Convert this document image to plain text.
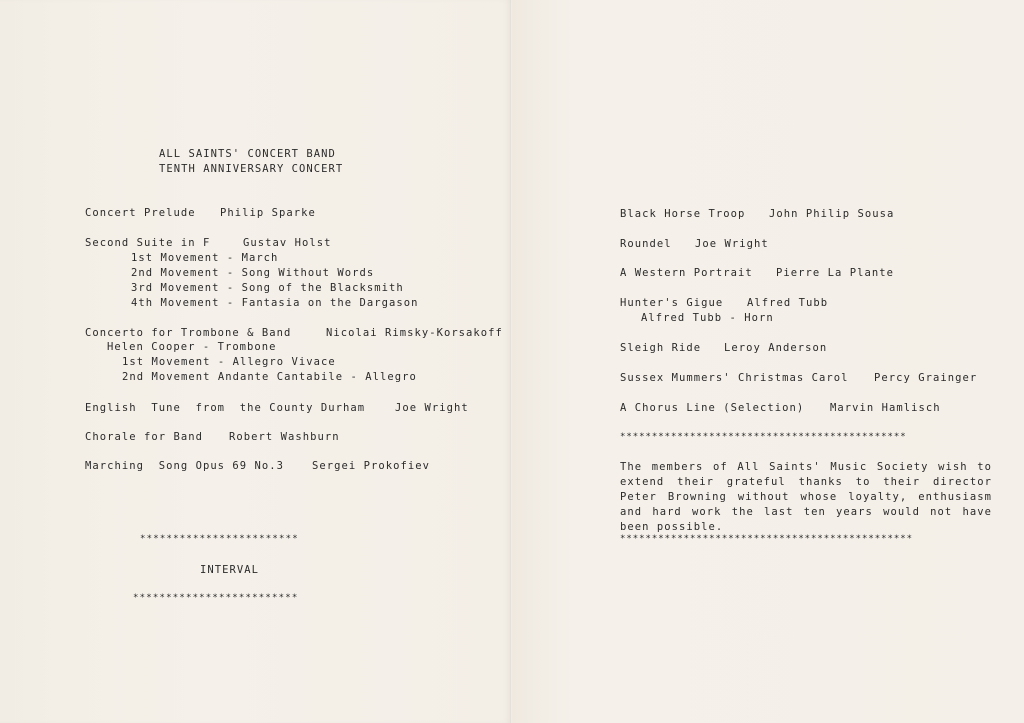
ALL SAINTS' CONCERT BAND
TENTH ANNIVERSARY CONCERT
Concert Prelude Philip Sparke
Second Suite in F	Gustav Holst
1st Movement - March
2nd Movement - Song Without Words
3rd Movement - Song of the Blacksmith
4th Movement - Fantasia on the Dargason
Concerto for Trombone & Band	Nicolai Rimsky-Korsakoff
Helen Cooper - Trombone
1st Movement - Allegro Vivace
2nd Movement Andante Cantabile - Allegro
English  Tune  from  the County Durham	Joe Wright
Chorale for Band Robert Washburn
Marching  Song Opus 69 No.3	Sergei Prokofiev
************************
INTERVAL
*************************
Black Horse Troop John Philip Sousa
Roundel Joe Wright
A Western Portrait Pierre La Plante
Hunter's Gigue Alfred Tubb
Alfred Tubb - Horn
Sleigh Ride Leroy Anderson
Sussex Mummers' Christmas Carol Percy Grainger
A Chorus Line (Selection) Marvin Hamlisch
*********************************************
The members of All Saints' Music Society wish to extend their grateful thanks to their director Peter Browning without whose loyalty, enthusiasm and hard work the last ten years would not have been possible.
**********************************************
